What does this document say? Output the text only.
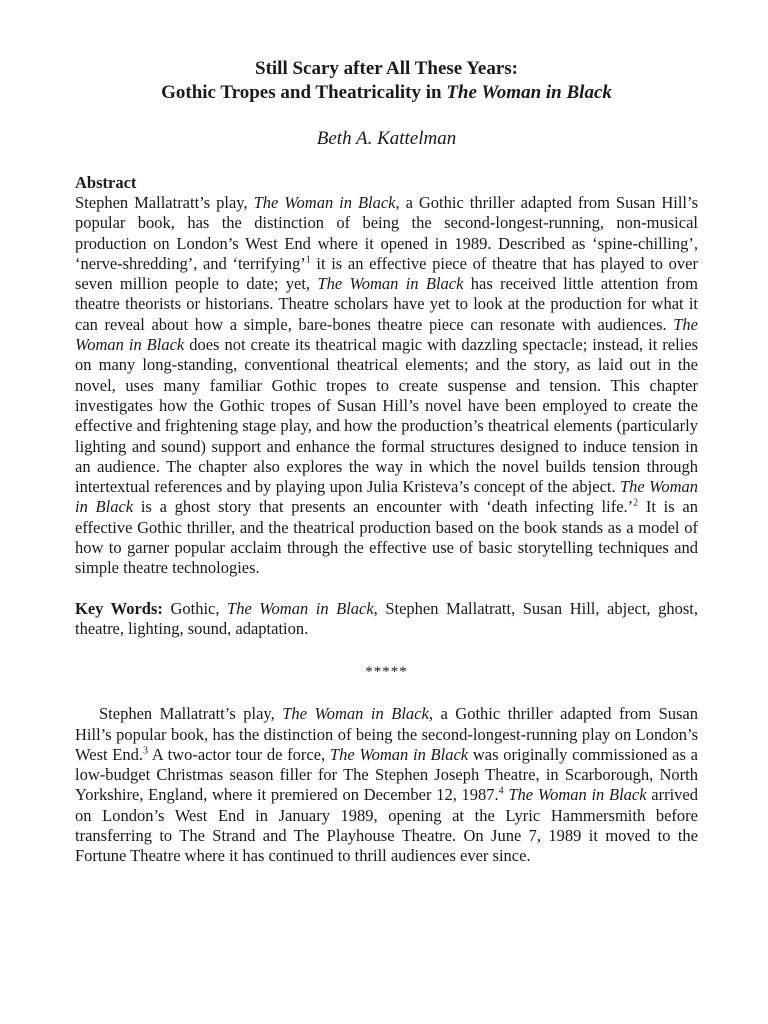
Still Scary after All These Years:
Gothic Tropes and Theatricality in The Woman in Black
Beth A. Kattelman
Abstract

Stephen Mallatratt’s play, The Woman in Black, a Gothic thriller adapted from Susan Hill’s popular book, has the distinction of being the second-longest-running, non-musical production on London’s West End where it opened in 1989. Described as ‘spine-chilling’, ‘nerve-shredding’, and ‘terrifying’$^1$ it is an effective piece of theatre that has played to over seven million people to date; yet, The Woman in Black has received little attention from theatre theorists or historians. Theatre scholars have yet to look at the production for what it can reveal about how a simple, bare-bones theatre piece can resonate with audiences. The Woman in Black does not create its theatrical magic with dazzling spectacle; instead, it relies on many long-standing, conventional theatrical elements; and the story, as laid out in the novel, uses many familiar Gothic tropes to create suspense and tension. This chapter investigates how the Gothic tropes of Susan Hill’s novel have been employed to create the effective and frightening stage play, and how the production’s theatrical elements (particularly lighting and sound) support and enhance the formal structures designed to induce tension in an audience. The chapter also explores the way in which the novel builds tension through intertextual references and by playing upon Julia Kristeva’s concept of the abject. The Woman in Black is a ghost story that presents an encounter with ‘death infecting life.’$^2$ It is an effective Gothic thriller, and the theatrical production based on the book stands as a model of how to garner popular acclaim through the effective use of basic storytelling techniques and simple theatre technologies.

Key Words: Gothic, The Woman in Black, Stephen Mallatratt, Susan Hill, abject, ghost, theatre, lighting, sound, adaptation.

*****

Stephen Mallatratt’s play, The Woman in Black, a Gothic thriller adapted from Susan Hill’s popular book, has the distinction of being the second-longest-running play on London’s West End.$^3$ A two-actor tour de force, The Woman in Black was originally commissioned as a low-budget Christmas season filler for The Stephen Joseph Theatre, in Scarborough, North Yorkshire, England, where it premiered on December 12, 1987.$^4$ The Woman in Black arrived on London’s West End in January 1989, opening at the Lyric Hammersmith before transferring to The Strand and The Playhouse Theatre. On June 7, 1989 it moved to the Fortune Theatre where it has continued to thrill audiences ever since.
